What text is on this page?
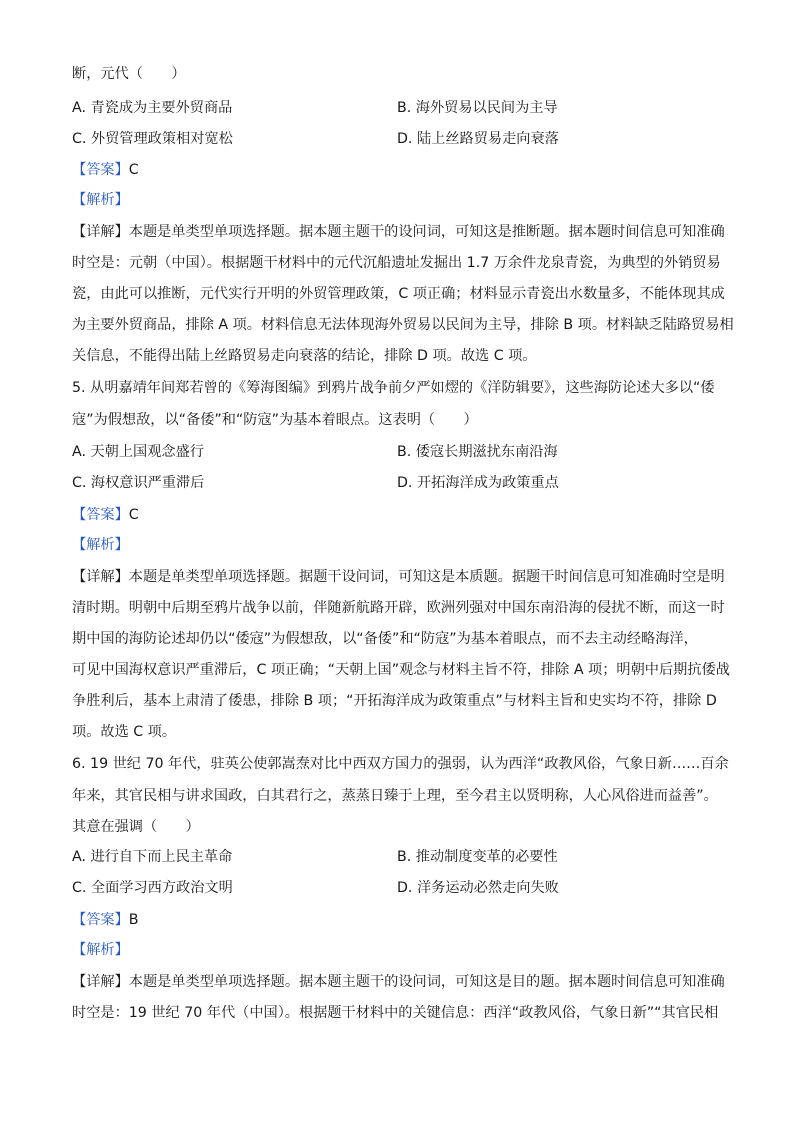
断，元代（　　）
A. 青瓷成为主要外贸商品	B. 海外贸易以民间为主导
C. 外贸管理政策相对宽松	D. 陆上丝路贸易走向衰落
【答案】C
【解析】
【详解】本题是单类型单项选择题。据本题主题干的设问词，可知这是推断题。据本题时间信息可知准确
时空是：元朝（中国）。根据题干材料中的元代沉船遗址发掘出 1.7 万余件龙泉青瓷，为典型的外销贸易
瓷，由此可以推断，元代实行开明的外贸管理政策，C 项正确；材料显示青瓷出水数量多，不能体现其成
为主要外贸商品，排除 A 项。材料信息无法体现海外贸易以民间为主导，排除 B 项。材料缺乏陆路贸易相
关信息，不能得出陆上丝路贸易走向衰落的结论，排除 D 项。故选 C 项。
5. 从明嘉靖年间郑若曾的《筹海图编》到鸦片战争前夕严如熤的《洋防辑要》，这些海防论述大多以“倭
寇”为假想敌，以“备倭”和“防寇”为基本着眼点。这表明（　　）
A. 天朝上国观念盛行	B. 倭寇长期滋扰东南沿海
C. 海权意识严重滞后	D. 开拓海洋成为政策重点
【答案】C
【解析】
【详解】本题是单类型单项选择题。据题干设问词，可知这是本质题。据题干时间信息可知准确时空是明
清时期。明朝中后期至鸦片战争以前，伴随新航路开辟，欧洲列强对中国东南沿海的侵扰不断，而这一时
期中国的海防论述却仍以“倭寇”为假想敌，以“备倭”和“防寇”为基本着眼点，而不去主动经略海洋，
可见中国海权意识严重滞后，C 项正确；“天朝上国”观念与材料主旨不符，排除 A 项；明朝中后期抗倭战
争胜利后，基本上肃清了倭患，排除 B 项；“开拓海洋成为政策重点”与材料主旨和史实均不符，排除 D
项。故选 C 项。
6. 19 世纪 70 年代，驻英公使郭嵩焘对比中西双方国力的强弱，认为西洋“政教风俗，气象日新……百余
年来，其官民相与讲求国政，白其君行之，蒸蒸日臻于上理，至今君主以贤明称，人心风俗进而益善”。
其意在强调（　　）
A. 进行自下而上民主革命	B. 推动制度变革的必要性
C. 全面学习西方政治文明	D. 洋务运动必然走向失败
【答案】B
【解析】
【详解】本题是单类型单项选择题。据本题主题干的设问词，可知这是目的题。据本题时间信息可知准确
时空是：19 世纪 70 年代（中国）。根据题干材料中的关键信息：西洋“政教风俗，气象日新”“其官民相
